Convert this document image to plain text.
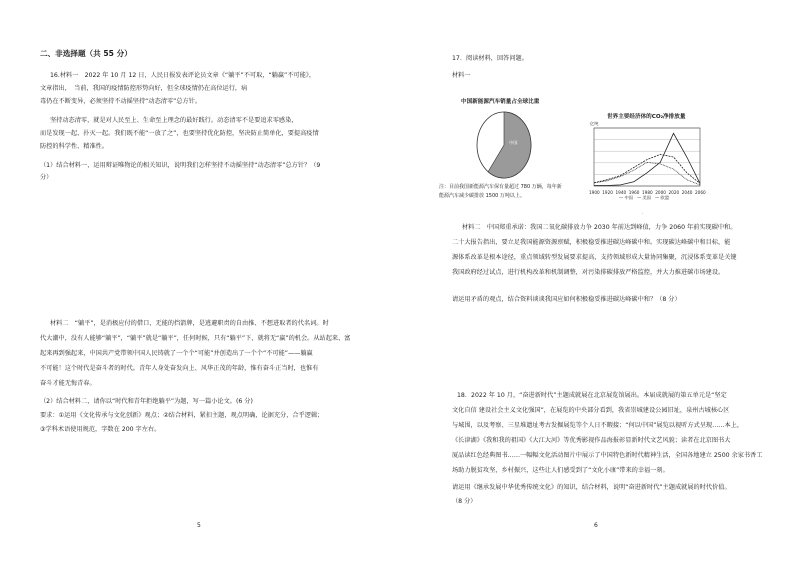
二、非选择题（共 55 分）
16.材料一　2022 年 10 月 12 日，人民日报发表评论员文章《“躺平”不可取，“躺赢”不可能》，
文章指出，　当前，我国的疫情防控形势向好，但全球疫情仍在高位运行，病
毒仍在不断变异，必须坚持不动摇坚持“动态清零”总方针。
坚持动态清零，就是对人民至上、生命至上理念的最好践行。动态清零不是要追求零感染，
而是发现一起、扑灭一起。我们既不能“一放了之”，也要坚持优化防控，坚决防止简单化，要提高疫情
防控的科学性、精准性。
（1）结合材料一，运用辩证唯物论的相关知识，说明我们怎样坚持不动摇坚持“动态清零”总方针？（9
分）
材料二　“躺平”，是消极应付的借口，无能的挡箭牌，是逃避职责的自由推、不想进取者的代名词。时
代大潮中，没有人能够“躺平”，“躺平”就是“躺平”，任何时候，只有“躺平”下，就将无“赢”的机会。从站起来、富
起来再到强起来，中国共产党带领中国人民铸就了一个个“可能”并创造出了一个个“不可能”——躺赢
不可能！这个时代是奋斗者的时代。青年人身处奋发向上、风华正茂的年龄，惟有奋斗正当时，也惟有
奋斗才能无悔青春。
（2）结合材料二，请你以“时代和青年拒绝躺平”为题，写一篇小论文。(6 分)
要求：①运用《文化传承与文化创新》观点；②结合材料，紧扣主题，观点明确，论据充分，合乎逻辑；
③学科术语使用规范，字数在 200 字左右。
5
17．阅读材料，回答问题。
材料一
中国新能源汽车销量占全球比重
中国
注：目前我国新能源汽车保有量超过 780 万辆，每年新
能源汽车减少碳排放 1500 万吨以上。
世界主要经济体的CO₂净排放量
亿吨
1900 1920 1940 1960 1980 2000 2020 2040 2060
— 中国 — 美国 — 欧盟
.
材料二　中国郑重承诺：我国二氧化碳排放力争 2030 年前达到峰值，力争 2060 年前实现碳中和。
二十大报告指出，要立足我国能源资源禀赋，积极稳妥推进碳达峰碳中和。实现碳达峰碳中和目标，能
源体系改革是根本途径，重点领域转型发展要求提高，支持领域形成大量协同集聚，沉浸体系变革是关键
我国政府经过试点，进行机构改革和机制调整，对污染排碳排放严格监控，并大力推进碳市场建设。
请运用矛盾的观点，结合资料谈谈我国应如何积极稳妥推进碳达峰碳中和？（8 分）
18．2022 年 10 月，“奋进新时代”主题成就展在北京展览馆展出。本届成就展的第五单元是“坚定
文化自信 建设社会主义文化强国”，在展览的中央部分看到，我省崇城建设公园旧址，泉州古城核心区
与城围，以及考察、三星堆遗址考古发掘展览等个人日不暇接；“何以中国”展览以视听方式呈现……本上，
《长津湖》《我和我的祖国》《大江大河》等优秀影视作品海报彰显新时代文艺风貌；读者在北京图书大
厦品读红色经典图书……一幅幅文化活动图片中展示了中国特色新时代精神生活，全国各地建立 2500 余家书香工
场助力脱贫攻坚，乡村振兴，这些让人们感受到了“文化小康”带来的幸福一刻。
请运用《继承发展中华优秀传统文化》的知识，结合材料，说明“奋进新时代”主题成就展的时代价值。
（8 分）
6
